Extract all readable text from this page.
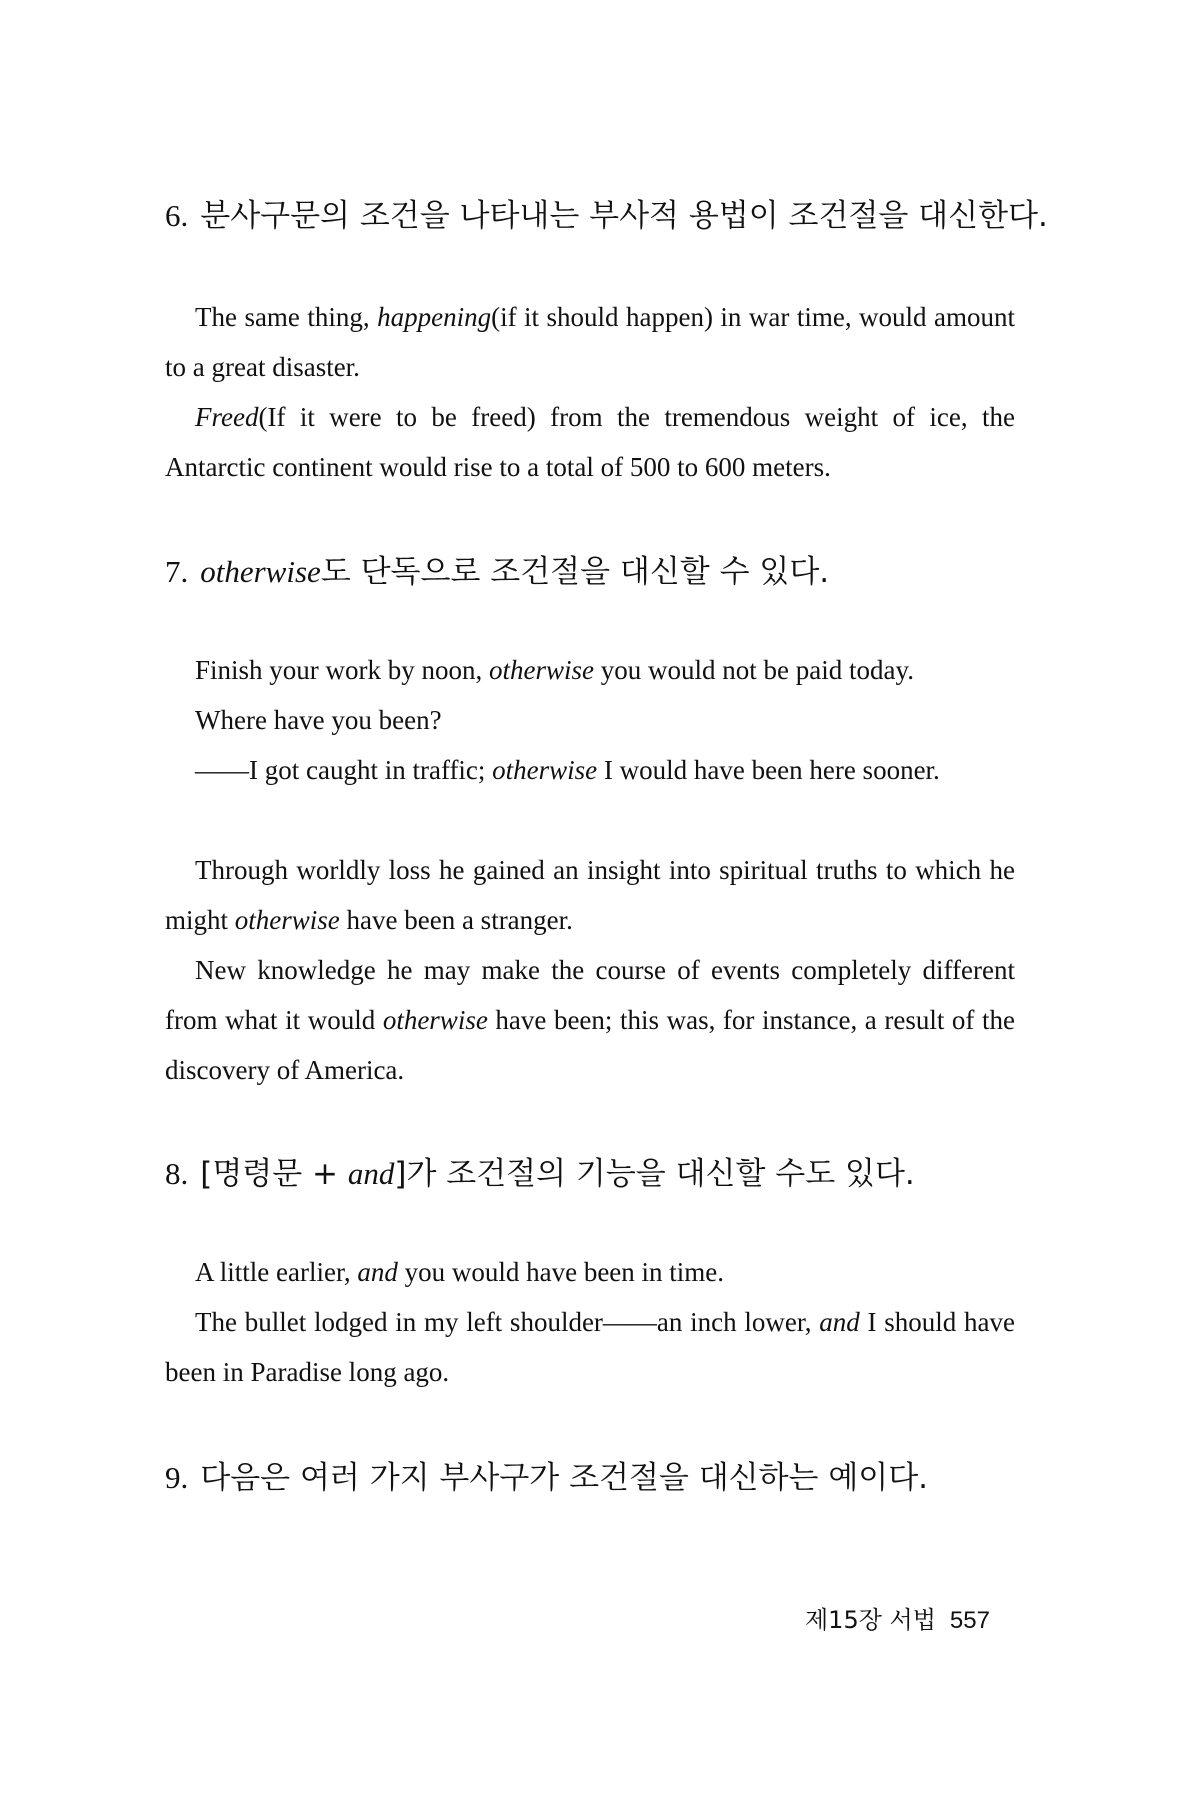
6. 분사구문의 조건을 나타내는 부사적 용법이 조건절을 대신한다.
The same thing, happening(if it should happen) in war time, would amount to a great disaster.
Freed(If it were to be freed) from the tremendous weight of ice, the Antarctic continent would rise to a total of 500 to 600 meters.
7. otherwise도 단독으로 조건절을 대신할 수 있다.
Finish your work by noon, otherwise you would not be paid today.
Where have you been?
——I got caught in traffic; otherwise I would have been here sooner.
Through worldly loss he gained an insight into spiritual truths to which he might otherwise have been a stranger.
New knowledge he may make the course of events completely different from what it would otherwise have been; this was, for instance, a result of the discovery of America.
8. [명령문 + and]가 조건절의 기능을 대신할 수도 있다.
A little earlier, and you would have been in time.
The bullet lodged in my left shoulder——an inch lower, and I should have been in Paradise long ago.
9. 다음은 여러 가지 부사구가 조건절을 대신하는 예이다.
제15장 서법 557
